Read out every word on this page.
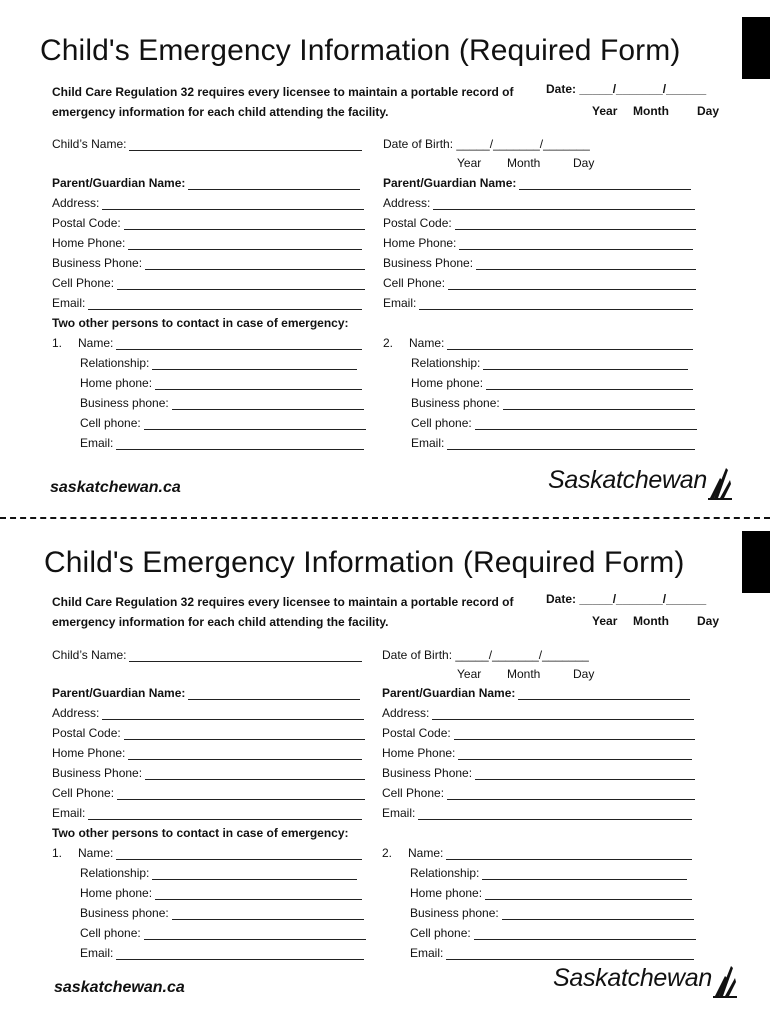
Child's Emergency Information (Required Form)
Child Care Regulation 32 requires every licensee to maintain a portable record of
emergency information for each child attending the facility.
Date: _____/_______/______
Year Month Day
Child’s Name:	Date of Birth: _____/_______/_______
Year Month	Day
Parent/Guardian Name:
Address:
Postal Code:
Home Phone:
Business Phone:
Cell Phone:
Email:
Parent/Guardian Name:
Address:
Postal Code:
Home Phone:
Business Phone:
Cell Phone:
Email:
Two other persons to contact in case of emergency:
1. Name:
Relationship:
Home phone:
Business phone:
Cell phone:
Email:
2. Name:
Relationship:
Home phone:
Business phone:
Cell phone:
Email:
saskatchewan.ca	Saskatchewan
Child's Emergency Information (Required Form)
Child Care Regulation 32 requires every licensee to maintain a portable record of
emergency information for each child attending the facility.
Date: _____/_______/______
Year Month Day
Child’s Name:	Date of Birth: _____/_______/_______
Year Month	Day
Parent/Guardian Name:
Address:
Postal Code:
Home Phone:
Business Phone:
Cell Phone:
Email:
Parent/Guardian Name:
Address:
Postal Code:
Home Phone:
Business Phone:
Cell Phone:
Email:
Two other persons to contact in case of emergency:
1. Name:
Relationship:
Home phone:
Business phone:
Cell phone:
Email:
2. Name:
Relationship:
Home phone:
Business phone:
Cell phone:
Email:
saskatchewan.ca	Saskatchewan
